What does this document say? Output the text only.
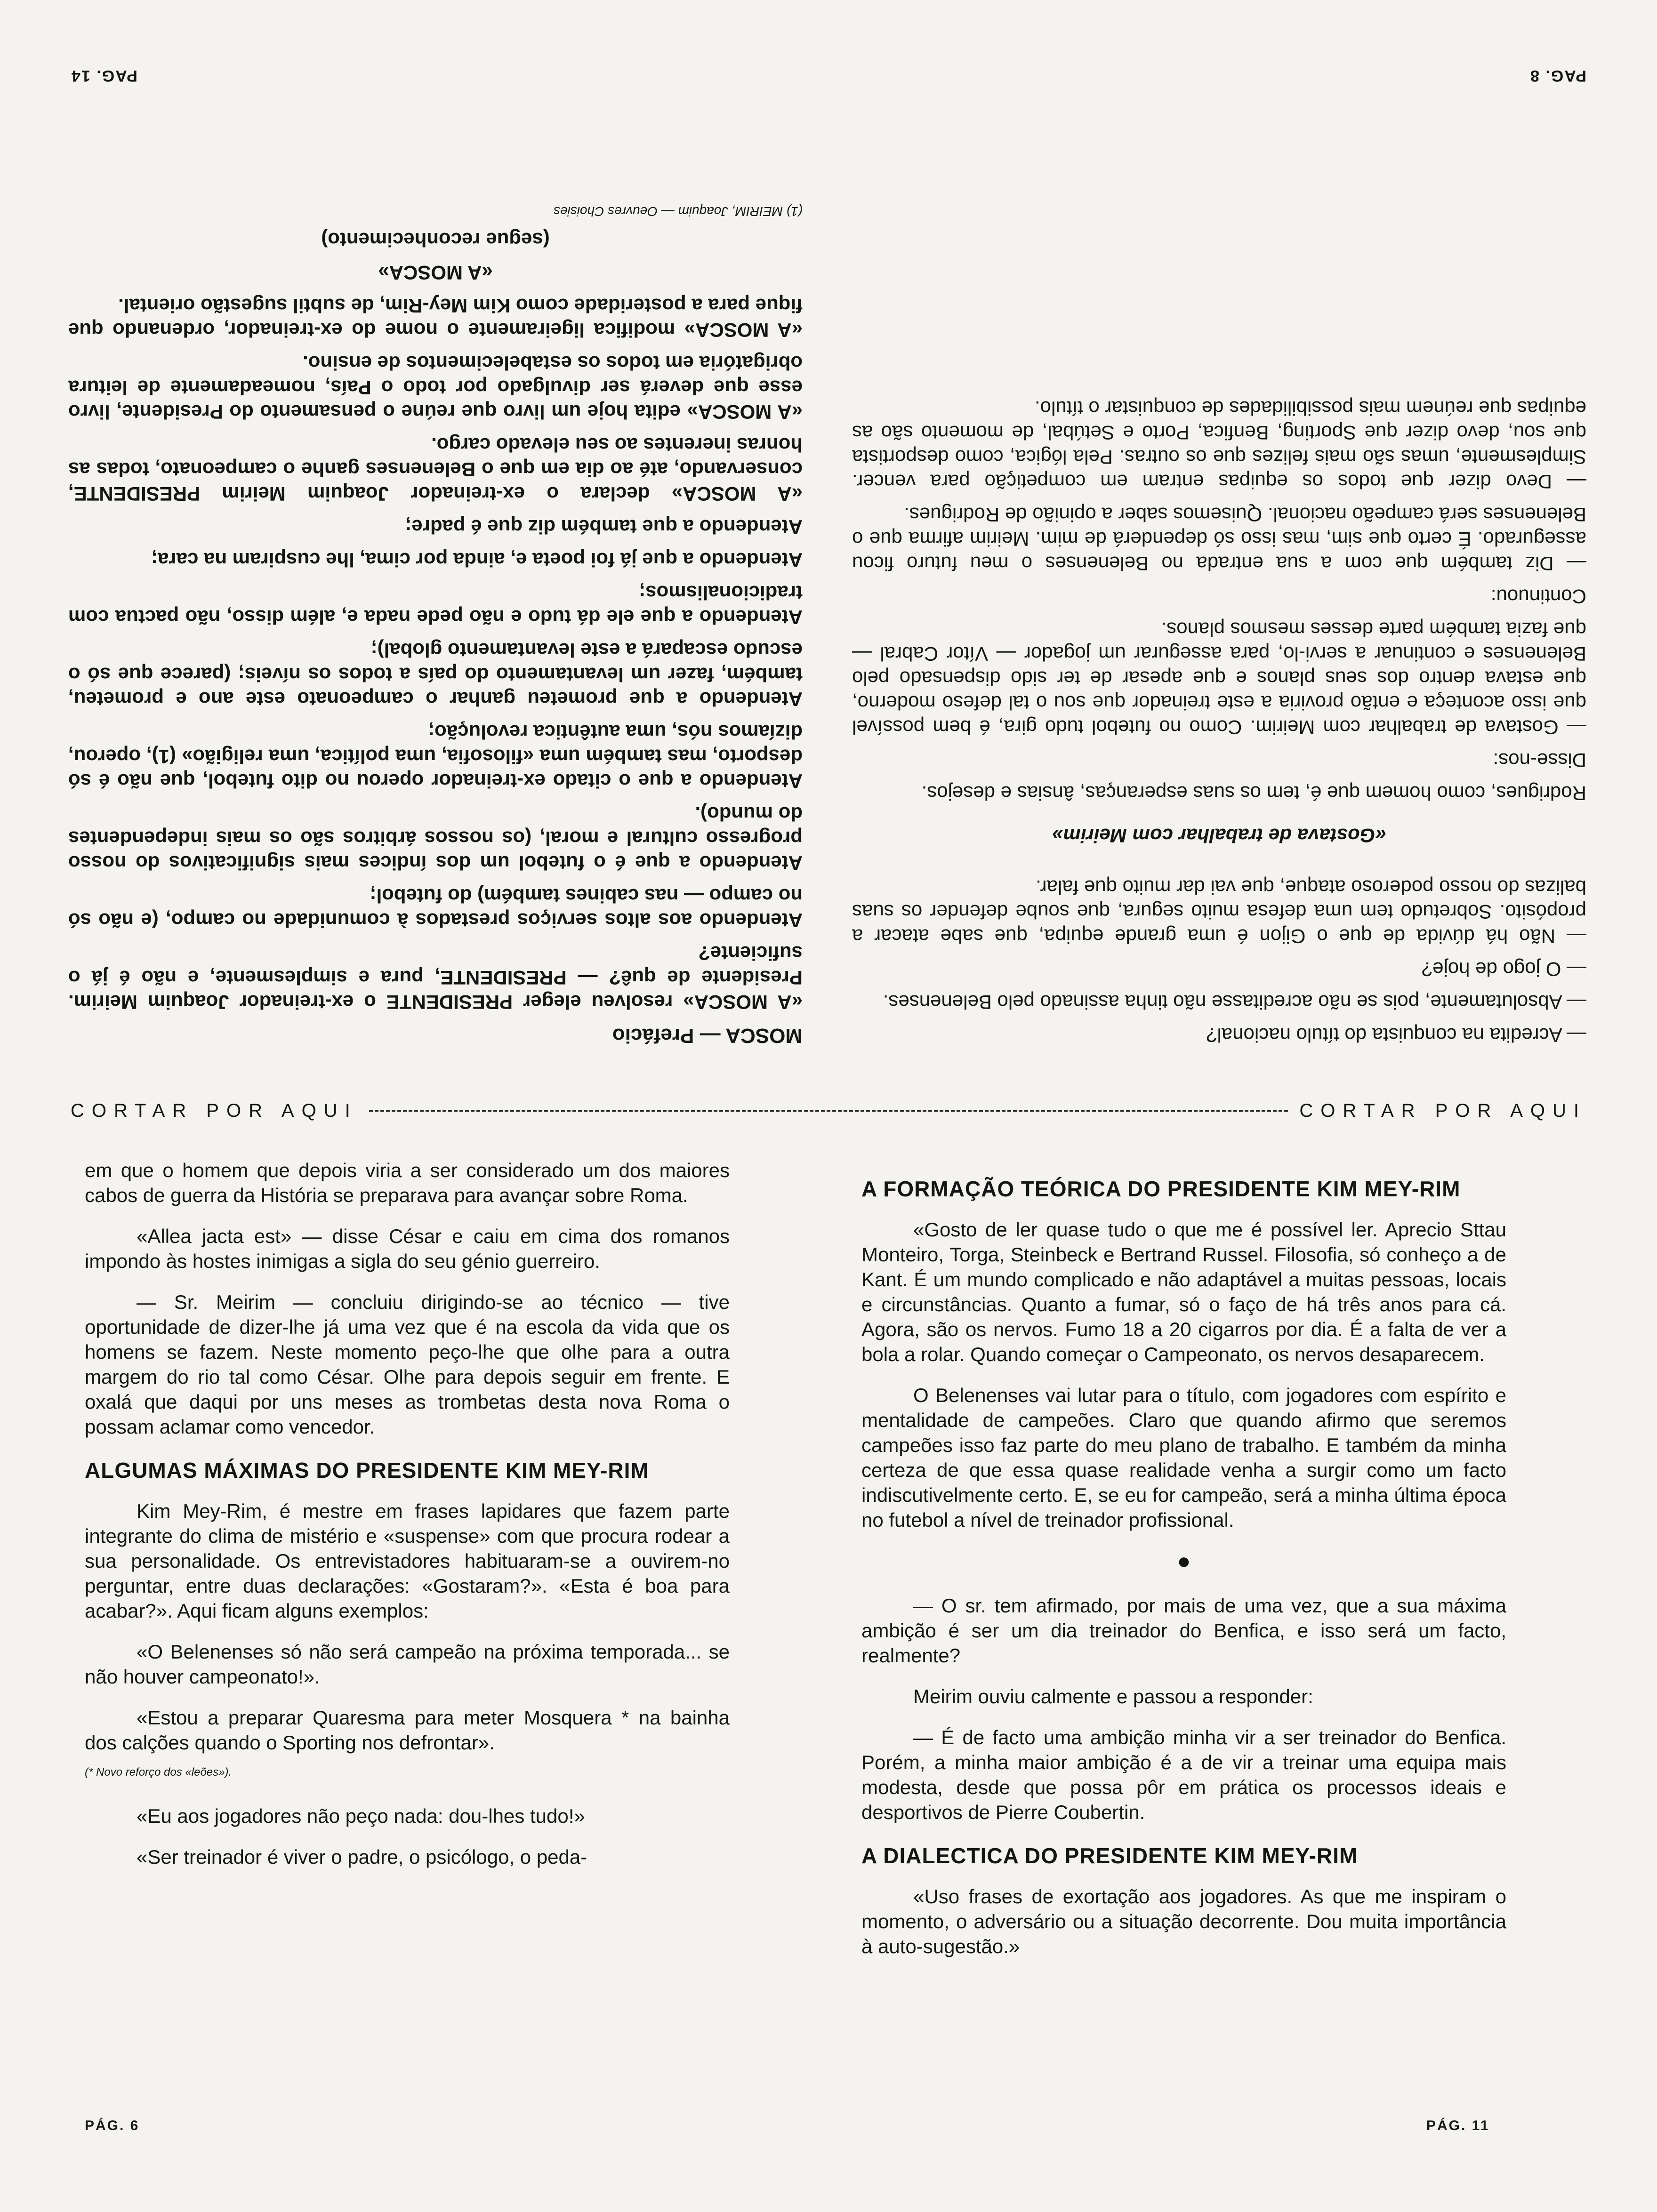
— Acredita na conquista do título nacional?

— Absolutamente, pois se não acreditasse não tinha assinado pelo Belenenses.

— O jogo de hoje?

— Não há dúvida de que o Gijon é uma grande equipa, que sabe atacar a propósito. Sobretudo tem uma defesa muito segura, que soube defender os suas balizas do nosso poderoso ataque, que vai dar muito que falar.

«Gostava de trabalhar com Meirim»

Rodrigues, como homem que é, tem os suas esperanças, ânsias e desejos.

Disse-nos:

— Gostava de trabalhar com Meirim. Como no futebol tudo gira, é bem possível que isso aconteça e então proviria a este treinador que sou o tal defeso moderno, que estava dentro dos seus planos e que apesar de ter sido dispensado pelo Belenenses e continuar a servi-lo, para assegurar um jogador — Vítor Cabral — que fazia também parte desses mesmos planos.

Continuou:

— Diz também que com a sua entrada no Belenenses o meu futuro ficou assegurado. É certo que sim, mas isso só dependerá de mim. Meirim afirma que o Belenenses será campeão nacional. Quisemos saber a opinião de Rodrigues.

— Devo dizer que todos os equipas entram em competição para vencer. Simplesmente, umas são mais felizes que os outras. Pela lógica, como desportista que sou, devo dizer que Sporting, Benfica, Porto e Setúbal, de momento são as equipas que reúnem mais possibilidades de conquistar o título.

MOSCA — Prefácio

«A MOSCA» resolveu eleger PRESIDENTE o ex-treinador Joaquim Meirim. Presidente de quê? — PRESIDENTE, pura e simplesmente, e não é já o suficiente?

Atendendo aos altos serviços prestados à comunidade no campo, (e não só no campo — nas cabines também) do futebol;

Atendendo a que é o futebol um dos índices mais significativos do nosso progresso cultural e moral, (os nossos árbitros são os mais independentes do mundo).

Atendendo a que o citado ex-treinador operou no dito futebol, que não é só desporto, mas também uma «filosofia, uma política, uma religião» (1), operou, dizíamos nós, uma autêntica revolução;

Atendendo a que prometeu ganhar o campeonato este ano e prometeu, também, fazer um levantamento do país a todos os níveis; (parece que só o escudo escapará a este levantamento global);

Atendendo a que ele dá tudo e não pede nada e, além disso, não pactua com tradicionalismos;

Atendendo a que já foi poeta e, ainda por cima, lhe cuspiram na cara;

Atendendo a que também diz que é padre;

«A MOSCA» declara o ex-treinador Joaquim Meirim PRESIDENTE, conservando, até ao dia em que o Belenenses ganhe o campeonato, todas as honras inerentes ao seu elevado cargo.

«A MOSCA» edita hoje um livro que reúne o pensamento do Presidente, livro esse que deverá ser divulgado por todo o País, nomeadamente de leitura obrigatória em todos os estabelecimentos de ensino.

«A MOSCA» modifica ligeiramente o nome do ex-treinador, ordenando que fique para a posteridade como Kim Mey-Rim, de subtil sugestão oriental.

«A MOSCA»

(segue reconhecimento)

(1) MEIRIM, Joaquim — Oeuvres Choisies
PAG. 14	PAG. 8
CORTAR POR AQUI	CORTAR POR AQUI

em que o homem que depois viria a ser considerado um dos maiores cabos de guerra da História se preparava para avançar sobre Roma.

«Allea jacta est» — disse César e caiu em cima dos romanos impondo às hostes inimigas a sigla do seu génio guerreiro.

— Sr. Meirim — concluiu dirigindo-se ao técnico — tive oportunidade de dizer-lhe já uma vez que é na escola da vida que os homens se fazem. Neste momento peço-lhe que olhe para a outra margem do rio tal como César. Olhe para depois seguir em frente. E oxalá que daqui por uns meses as trombetas desta nova Roma o possam aclamar como vencedor.

ALGUMAS MÁXIMAS DO PRESIDENTE KIM MEY-RIM

Kim Mey-Rim, é mestre em frases lapidares que fazem parte integrante do clima de mistério e «suspense» com que procura rodear a sua personalidade. Os entrevistadores habituaram-se a ouvirem-no perguntar, entre duas declarações: «Gostaram?». «Esta é boa para acabar?». Aqui ficam alguns exemplos:

«O Belenenses só não será campeão na próxima temporada... se não houver campeonato!».

«Estou a preparar Quaresma para meter Mosquera * na bainha dos calções quando o Sporting nos defrontar».

(* Novo reforço dos «leões»).

«Eu aos jogadores não peço nada: dou-lhes tudo!»

«Ser treinador é viver o padre, o psicólogo, o peda-

A FORMAÇÃO TEÓRICA DO PRESIDENTE KIM MEY-RIM

«Gosto de ler quase tudo o que me é possível ler. Aprecio Sttau Monteiro, Torga, Steinbeck e Bertrand Russel. Filosofia, só conheço a de Kant. É um mundo complicado e não adaptável a muitas pessoas, locais e circunstâncias. Quanto a fumar, só o faço de há três anos para cá. Agora, são os nervos. Fumo 18 a 20 cigarros por dia. É a falta de ver a bola a rolar. Quando começar o Campeonato, os nervos desaparecem.

O Belenenses vai lutar para o título, com jogadores com espírito e mentalidade de campeões. Claro que quando afirmo que seremos campeões isso faz parte do meu plano de trabalho. E também da minha certeza de que essa quase realidade venha a surgir como um facto indiscutivelmente certo. E, se eu for campeão, será a minha última época no futebol a nível de treinador profissional.

●

— O sr. tem afirmado, por mais de uma vez, que a sua máxima ambição é ser um dia treinador do Benfica, e isso será um facto, realmente?

Meirim ouviu calmente e passou a responder:

— É de facto uma ambição minha vir a ser treinador do Benfica. Porém, a minha maior ambição é a de vir a treinar uma equipa mais modesta, desde que possa pôr em prática os processos ideais e desportivos de Pierre Coubertin.

A DIALECTICA DO PRESIDENTE KIM MEY-RIM

«Uso frases de exortação aos jogadores. As que me inspiram o momento, o adversário ou a situação decorrente. Dou muita importância à auto-sugestão.»

PÁG. 6	PÁG. 11
